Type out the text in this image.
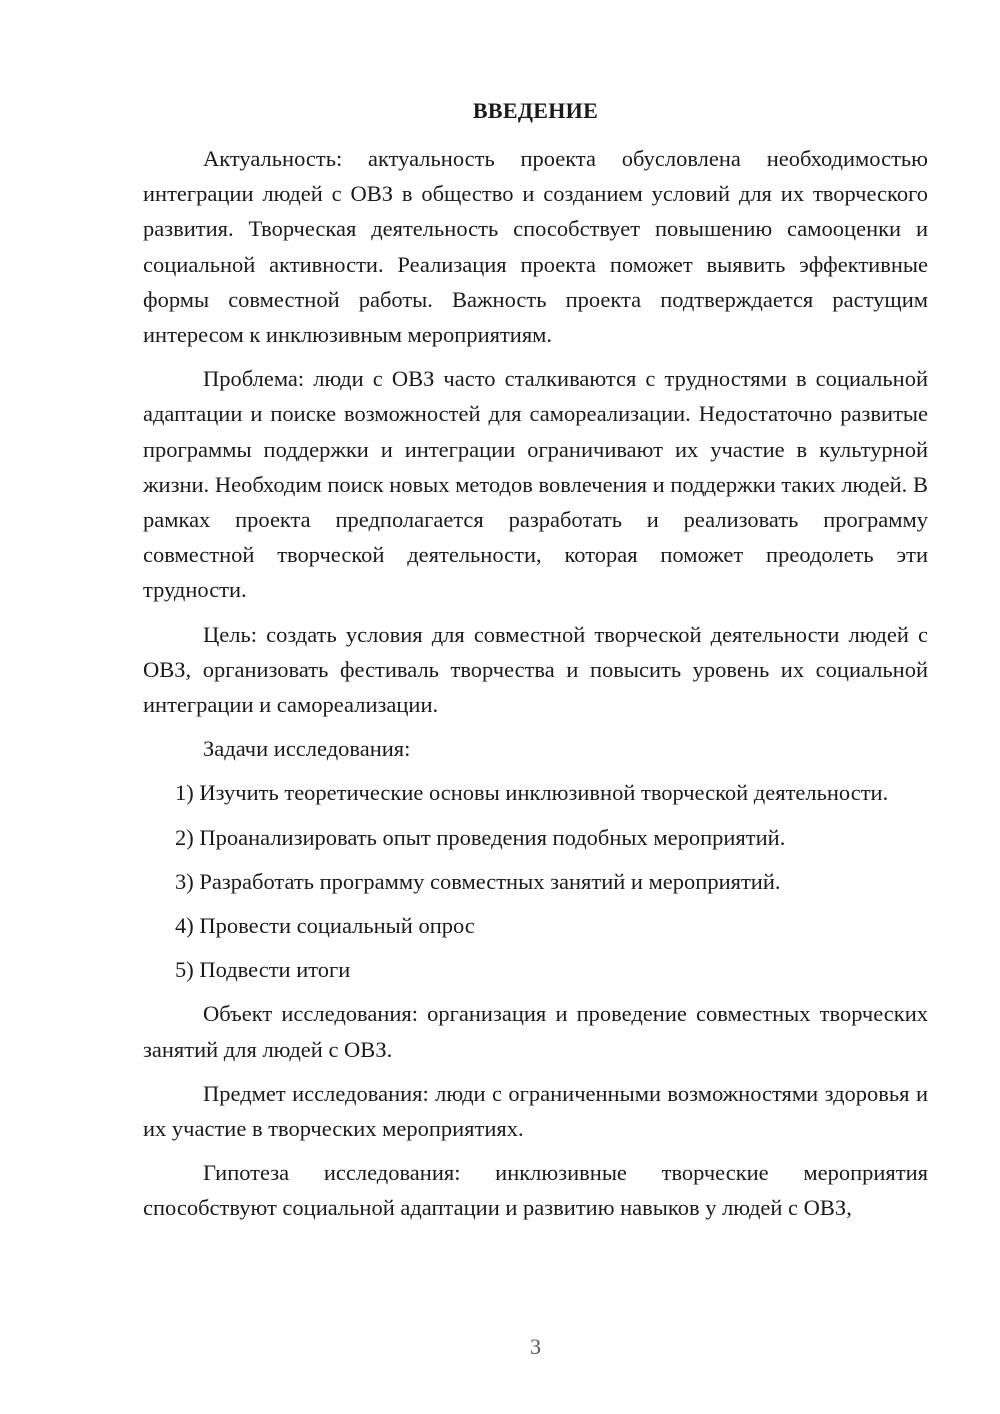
ВВЕДЕНИЕ

Актуальность: актуальность проекта обусловлена необходимостью интеграции людей с ОВЗ в общество и созданием условий для их творческого развития. Творческая деятельность способствует повышению самооценки и социальной активности. Реализация проекта поможет выявить эффективные формы совместной работы. Важность проекта подтверждается растущим интересом к инклюзивным мероприятиям.

Проблема: люди с ОВЗ часто сталкиваются с трудностями в социальной адаптации и поиске возможностей для самореализации. Недостаточно развитые программы поддержки и интеграции ограничивают их участие в культурной жизни. Необходим поиск новых методов вовлечения и поддержки таких людей. В рамках проекта предполагается разработать и реализовать программу совместной творческой деятельности, которая поможет преодолеть эти трудности.

Цель: создать условия для совместной творческой деятельности людей с ОВЗ, организовать фестиваль творчества и повысить уровень их социальной интеграции и самореализации.

Задачи исследования:

1) Изучить теоретические основы инклюзивной творческой деятельности.

2) Проанализировать опыт проведения подобных мероприятий.

3) Разработать программу совместных занятий и мероприятий.

4) Провести социальный опрос

5) Подвести итоги

Объект исследования: организация и проведение совместных творческих занятий для людей с ОВЗ.

Предмет исследования: люди с ограниченными возможностями здоровья и их участие в творческих мероприятиях.

Гипотеза исследования: инклюзивные творческие мероприятия способствуют социальной адаптации и развитию навыков у людей с ОВЗ,

3
